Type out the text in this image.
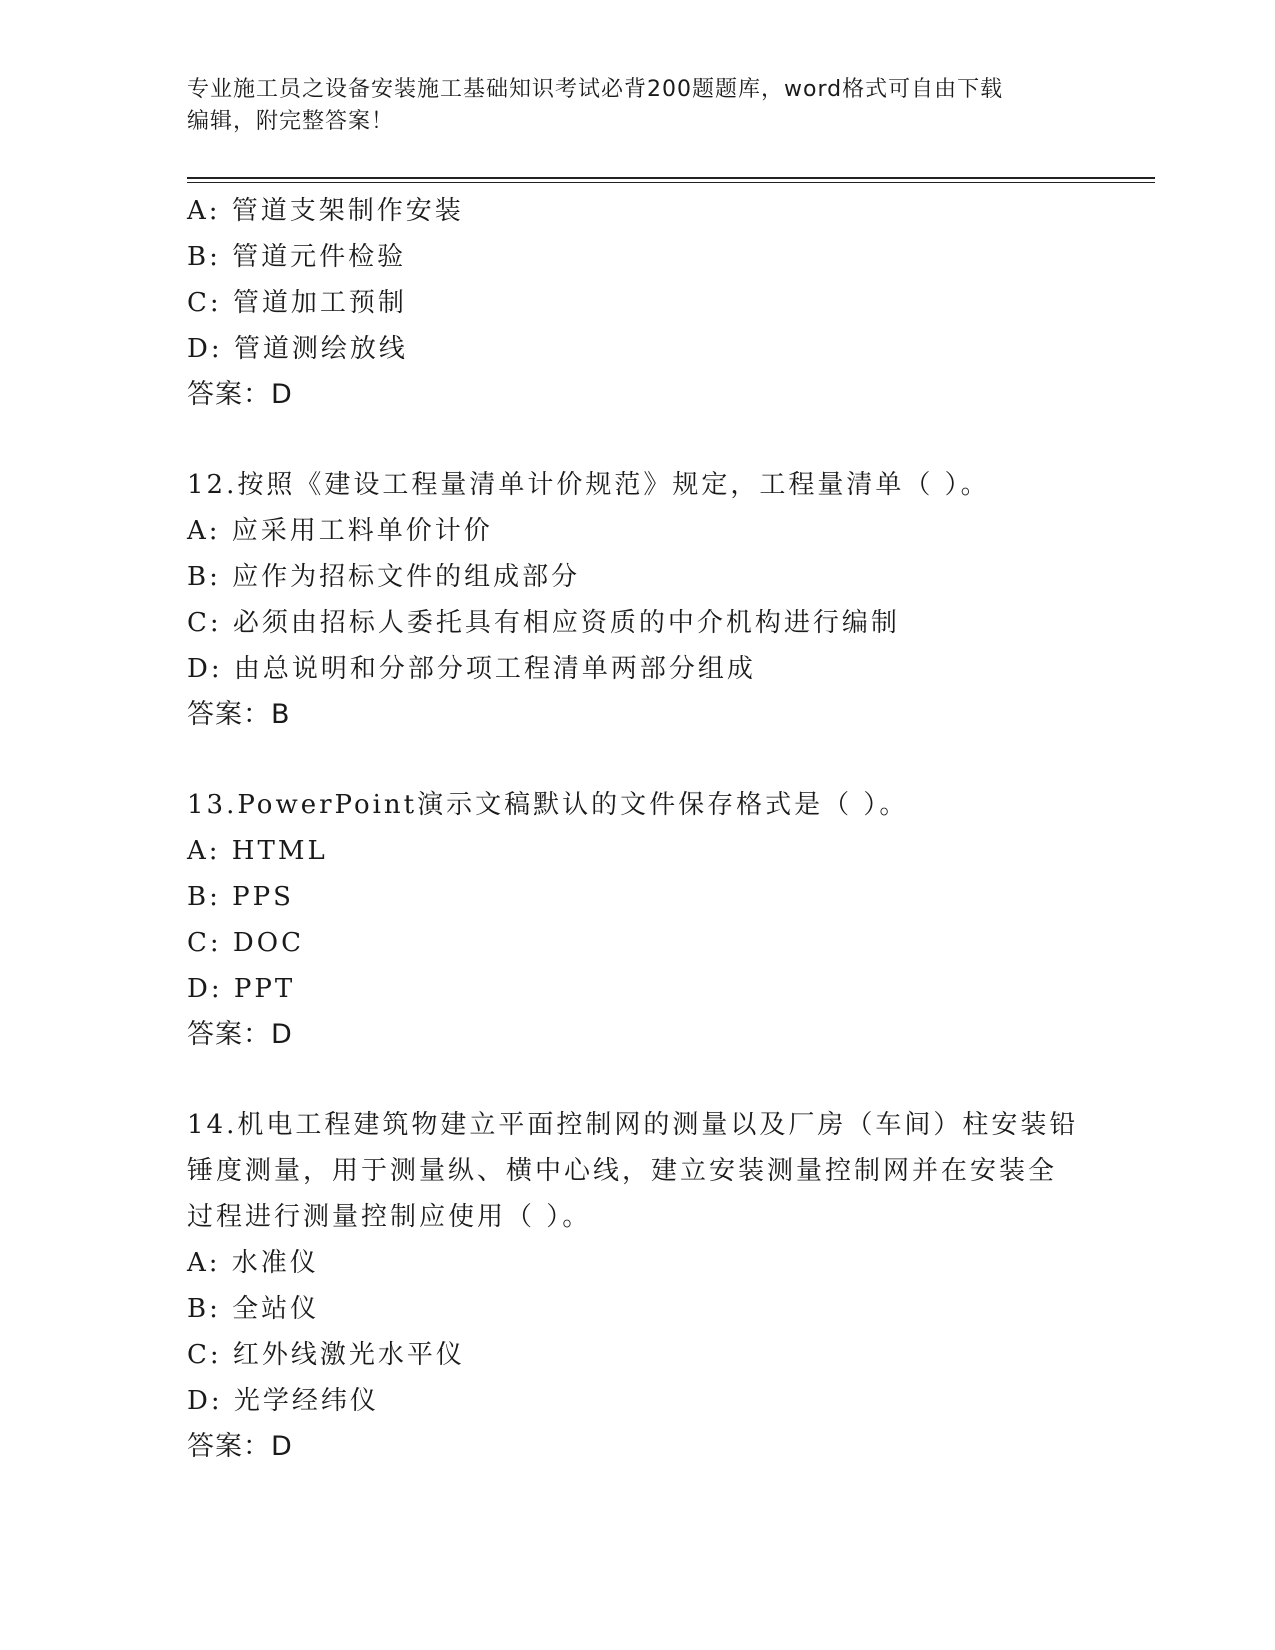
专业施工员之设备安装施工基础知识考试必背200题题库，word格式可自由下载
编辑，附完整答案！
A: 管道支架制作安装
B: 管道元件检验
C: 管道加工预制
D: 管道测绘放线
答案：D
12.按照《建设工程量清单计价规范》规定，工程量清单（ ）。
A: 应采用工料单价计价
B: 应作为招标文件的组成部分
C: 必须由招标人委托具有相应资质的中介机构进行编制
D: 由总说明和分部分项工程清单两部分组成
答案：B
13.PowerPoint演示文稿默认的文件保存格式是（ ）。
A: HTML
B: PPS
C: DOC
D: PPT
答案：D
14.机电工程建筑物建立平面控制网的测量以及厂房（车间）柱安装铅
锤度测量，用于测量纵、横中心线，建立安装测量控制网并在安装全
过程进行测量控制应使用（ ）。
A: 水准仪
B: 全站仪
C: 红外线激光水平仪
D: 光学经纬仪
答案：D
